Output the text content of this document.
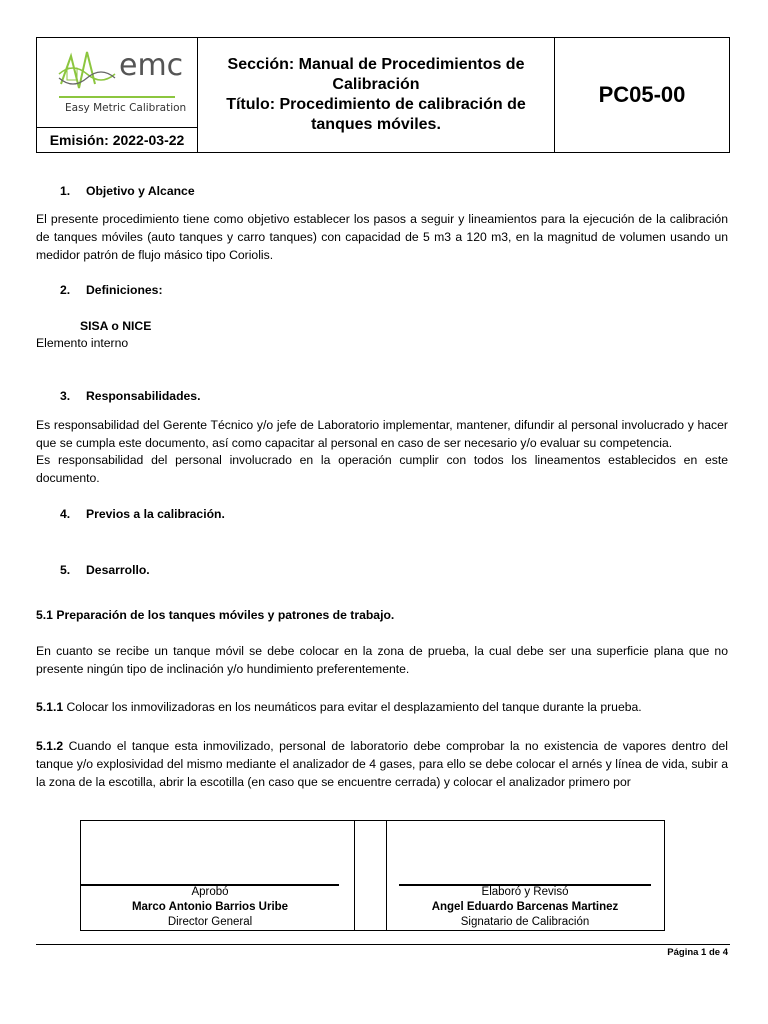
emc
Easy Metric Calibration
Emisión: 2022-03-22
Sección: Manual de Procedimientos de
Calibración
Título: Procedimiento de calibración de
tanques móviles.
PC05-00
1. Objetivo y Alcance
El presente procedimiento tiene como objetivo establecer los pasos a seguir y lineamientos para la ejecución de la calibración de tanques móviles (auto tanques y carro tanques) con capacidad de 5 m3 a 120 m3, en la magnitud de volumen usando un medidor patrón de flujo másico tipo Coriolis.
2. Definiciones:
SISA o NICE
Elemento interno
3. Responsabilidades.
Es responsabilidad del Gerente Técnico y/o jefe de Laboratorio implementar, mantener, difundir al personal involucrado y hacer que se cumpla este documento, así como capacitar al personal en caso de ser necesario y/o evaluar su competencia.
Es responsabilidad del personal involucrado en la operación cumplir con todos los lineamentos establecidos en este documento.
4. Previos a la calibración.
5. Desarrollo.
5.1 Preparación de los tanques móviles y patrones de trabajo.
En cuanto se recibe un tanque móvil se debe colocar en la zona de prueba, la cual debe ser una superficie plana que no presente ningún tipo de inclinación y/o hundimiento preferentemente.
5.1.1 Colocar los inmovilizadoras en los neumáticos para evitar el desplazamiento del tanque durante la prueba.
5.1.2 Cuando el tanque esta inmovilizado, personal de laboratorio debe comprobar la no existencia de vapores dentro del tanque y/o explosividad del mismo mediante el analizador de 4 gases, para ello se debe colocar el arnés y línea de vida, subir a la zona de la escotilla, abrir la escotilla (en caso que se encuentre cerrada) y colocar el analizador primero por
Aprobó
Marco Antonio Barrios Uribe
Director General
Elaboró y Revisó
Angel Eduardo Barcenas Martinez
Signatario de Calibración
Página 1 de 4
